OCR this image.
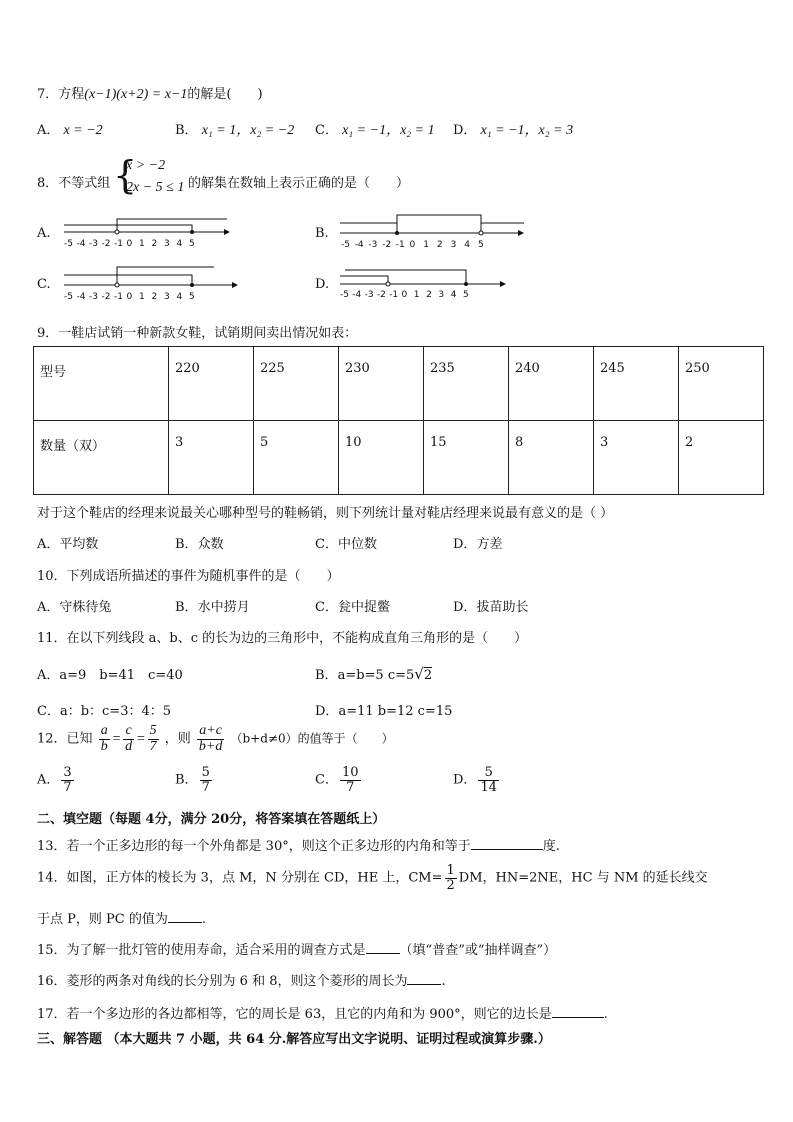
7．方程(x−1)(x+2) = x−1的解是(　　)
A． x = −2	B． x₁ = 1，x₂ = −2 C． x₁ = −1，x₂ = 1 D． x₁ = −1，x₂ = 3
8．不等式组 {
x > −2
2x − 5 ≤ 1 的解集在数轴上表示正确的是（　　）
A.
-5 -4 -3 -2 -1 0 1 2 3 4 5
B.
-5 -4 -3 -2 -1 0 1 2 3 4 5
C.
-5 -4 -3 -2 -1 0 1 2 3 4 5
D.
-5 -4 -3 -2 -1 0 1 2 3 4 5
9．一鞋店试销一种新款女鞋，试销期间卖出情况如表：
型号	220	225	230	235	240	245	250
数量（双）	3	5	10	15	8	3	2
对于这个鞋店的经理来说最关心哪种型号的鞋畅销，则下列统计量对鞋店经理来说最有意义的是（ ）
A．平均数	B．众数	C．中位数	D．方差
10．下列成语所描述的事件为随机事件的是（　　）
A．守株待兔	B．水中捞月	C．瓮中捉鳖	D．拔苗助长
11．在以下列线段 a、b、c 的长为边的三角形中，不能构成直角三角形的是（　　）
A．a=9　b=41　c=40	B．a=b=5 c=5√2
C．a：b：c=3：4：5	D．a=11 b=12 c=15
12．已知 $\frac{a}{b} = \frac{c}{d} = \frac{5}{7}$ ，则 $\frac{a+c}{b+d} (b+d\ne 0)$的值等于（　　）
A． $\frac{3}{7}$	B． $\frac{5}{7}$	C． $\frac{10}{7}$	D． $\frac{5}{14}$
二、填空题（每题 4分，满分 20分，将答案填在答题纸上）
13．若一个正多边形的每一个外角都是 30°，则这个正多边形的内角和等于	度.
14．如图，正方体的棱长为 3，点 M，N 分别在 CD，HE 上，$CM= \frac{1}{2}$ DM，HN=2NE，HC 与 NM 的延长线交
于点 P，则 PC 的值为	.
15．为了解一批灯管的使用寿命，适合采用的调查方式是	（填“普查”或“抽样调查”）
16．菱形的两条对角线的长分别为 6 和 8，则这个菱形的周长为	.
17．若一个多边形的各边都相等，它的周长是 63，且它的内角和为 900°，则它的边长是	.
三、解答题 （本大题共 7 小题，共 64 分.解答应写出文字说明、证明过程或演算步骤.）
